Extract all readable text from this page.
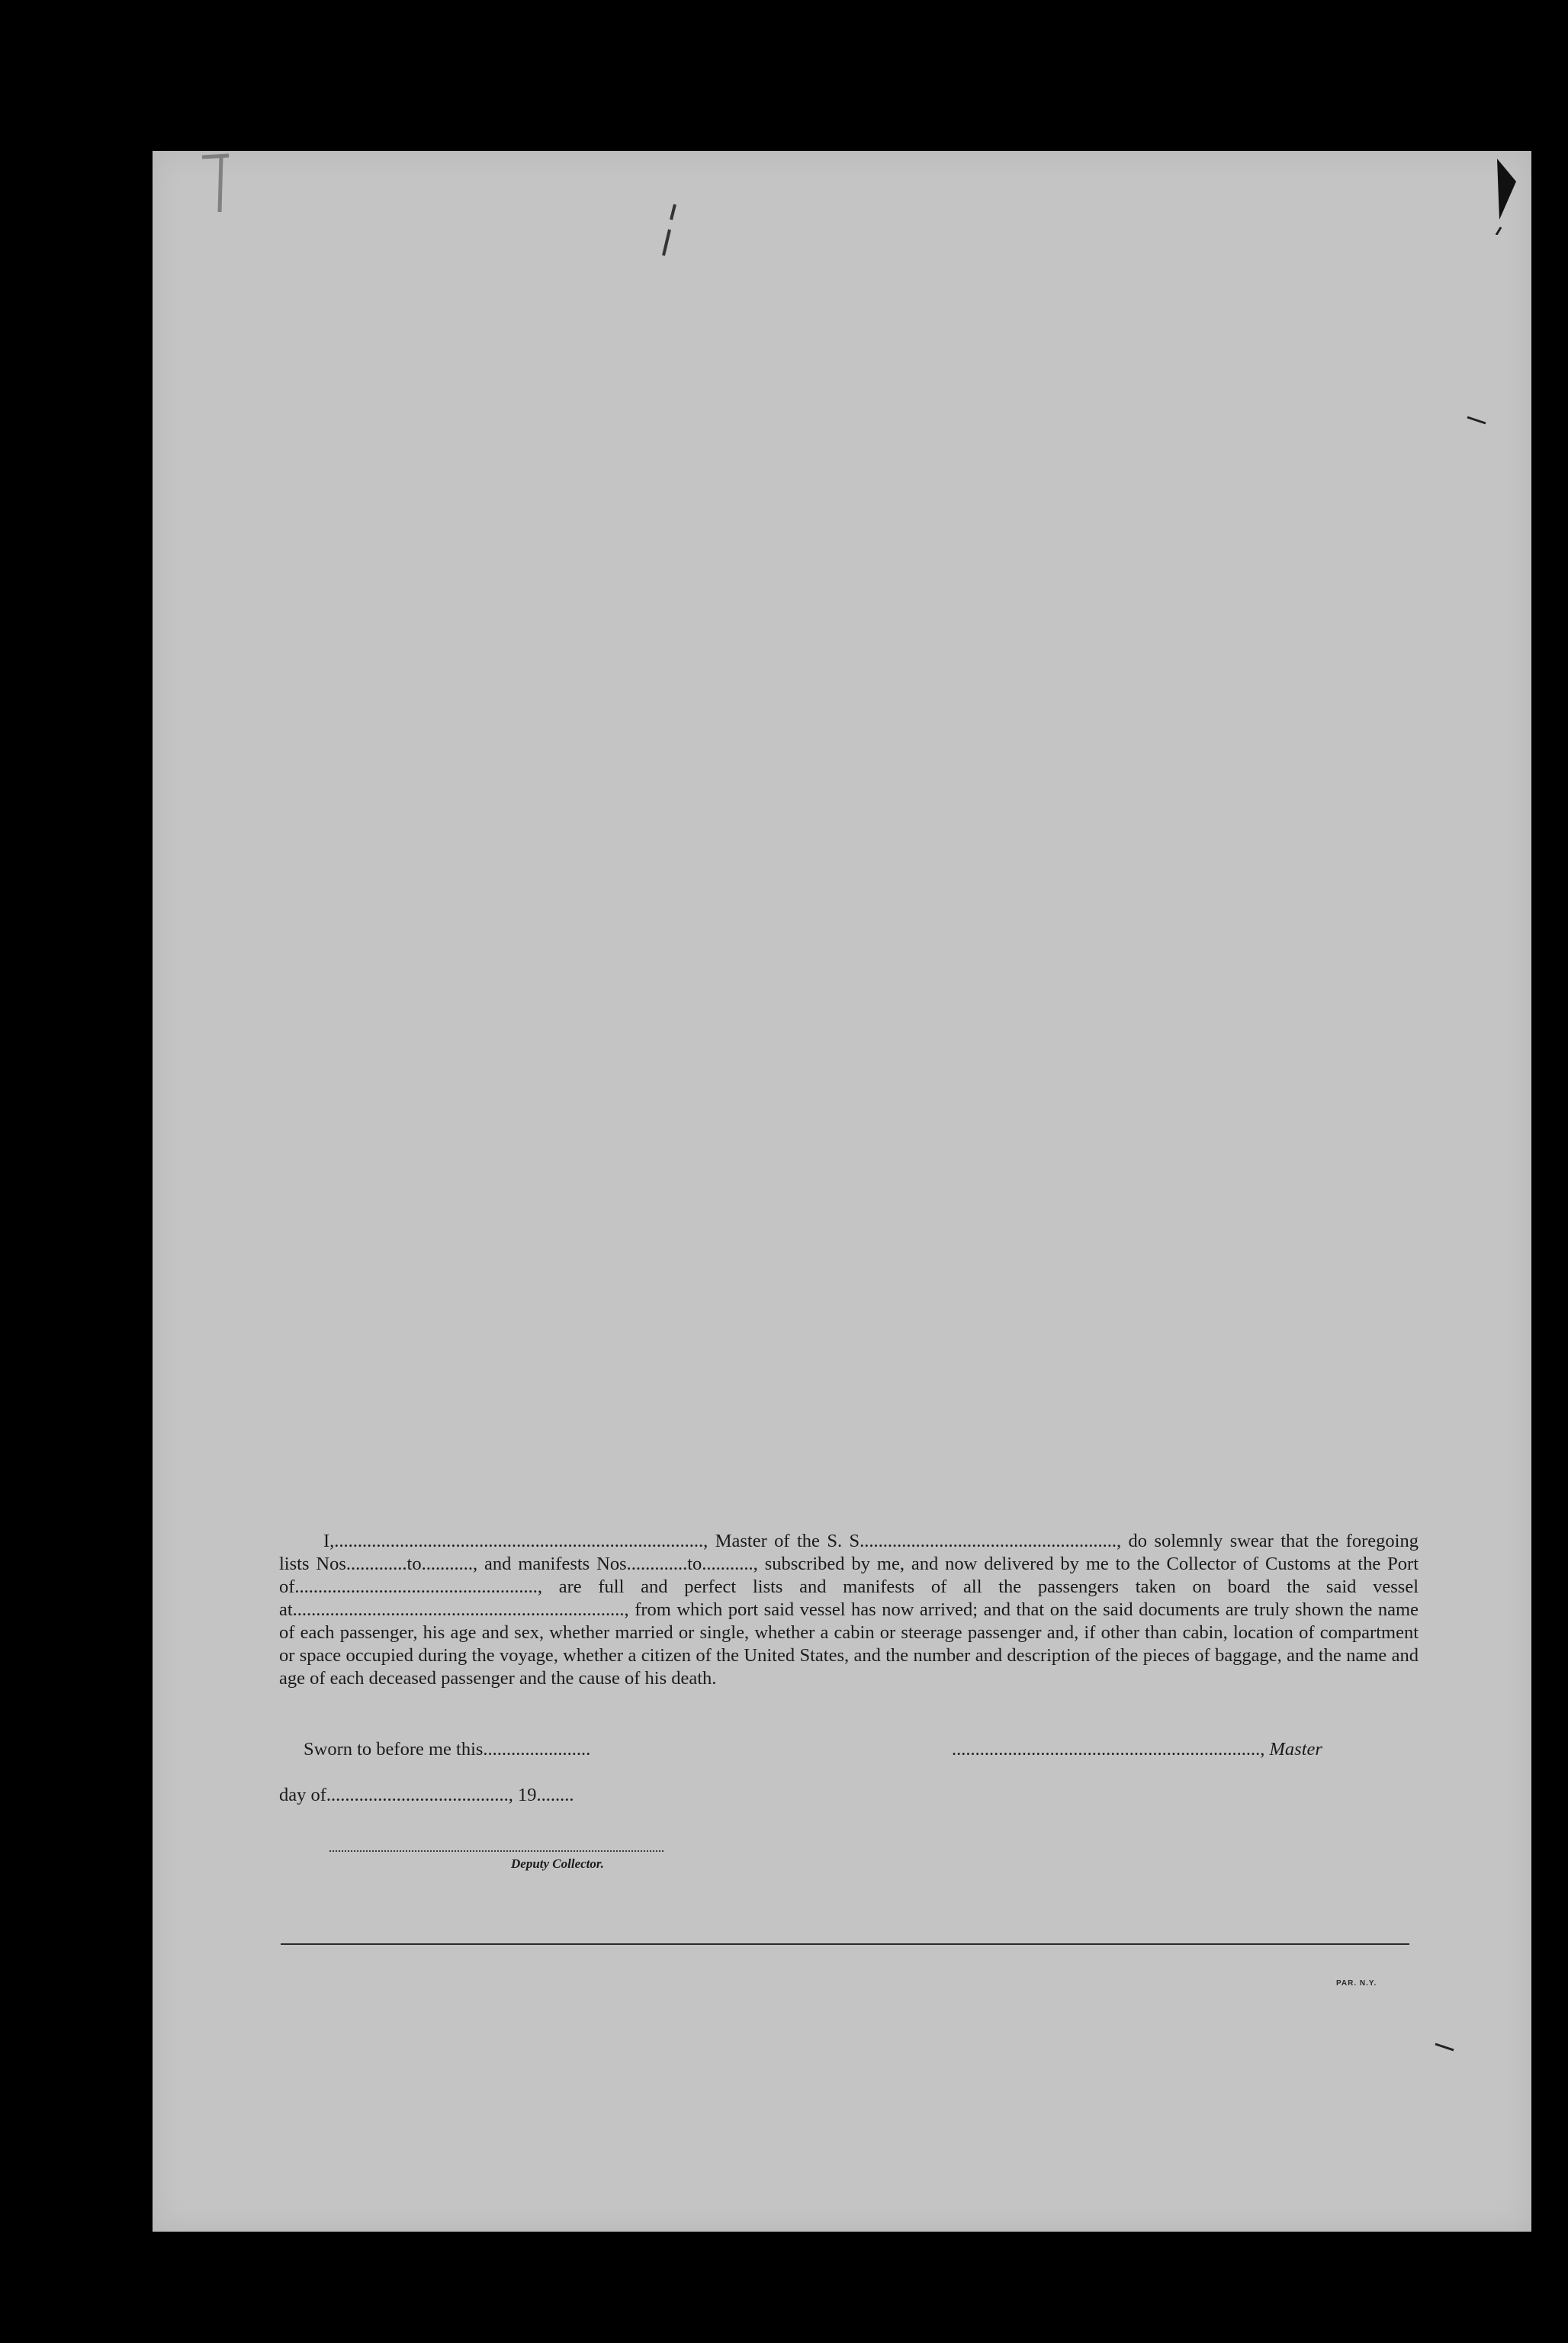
I,..............................................................................., Master of the S. S......................................................., do solemnly swear that the foregoing lists Nos.............to..........., and manifests Nos.............to..........., subscribed by me, and now delivered by me to the Collector of Customs at the Port of...................................................., are full and perfect lists and manifests of all the passengers taken on board the said vessel at......................................................................., from which port said vessel has now arrived; and that on the said documents are truly shown the name of each passenger, his age and sex, whether married or single, whether a cabin or steerage passenger and, if other than cabin, location of compartment or space occupied during the voyage, whether a citizen of the United States, and the number and description of the pieces of baggage, and the name and age of each deceased passenger and the cause of his death.

Sworn to before me this.......................	.................................................................., Master
day of......................................., 19........
Deputy Collector.
PAR. N.Y.
